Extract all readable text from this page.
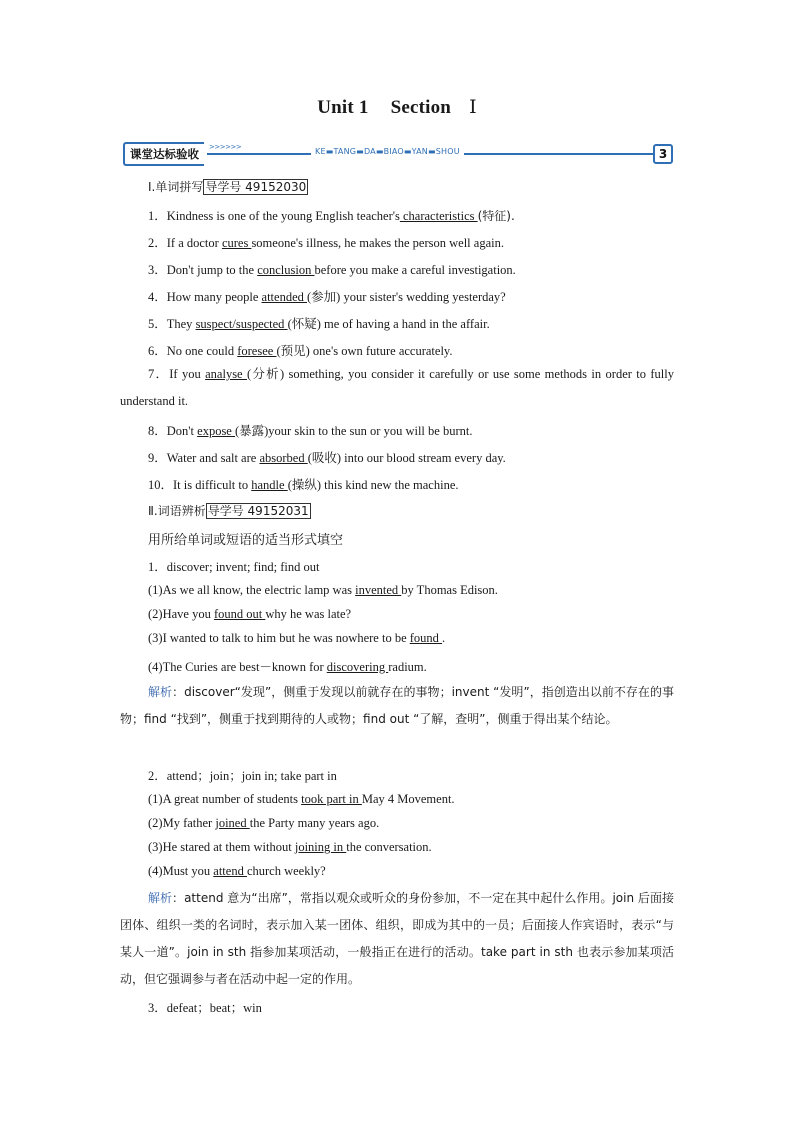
Unit 1 Section Ⅰ
课堂达标验收	>>>>>>	KE▬TANG▬DA▬BIAO▬YAN▬SHOU	3
Ⅰ.单词拼写 导学号 49152030
1．Kindness is one of the young English teacher's characteristics (特征).
2．If a doctor cures someone's illness, he makes the person well again.
3．Don't jump to the conclusion before you make a careful investigation.
4．How many people attended (参加) your sister's wedding yesterday?
5．They suspect/suspected (怀疑) me of having a hand in the affair.
6．No one could foresee (预见) one's own future accurately.
7．If you analyse (分析) something, you consider it carefully or use some methods in order to fully understand it.
8．Don't expose (暴露)your skin to the sun or you will be burnt.
9．Water and salt are absorbed (吸收) into our blood stream every day.
10．It is difficult to handle (操纵) this kind new the machine.
Ⅱ.词语辨析 导学号 49152031
用所给单词或短语的适当形式填空
1．discover; invent; find; find out
(1)As we all know, the electric lamp was invented by Thomas Edison.
(2)Have you found out why he was late?
(3)I wanted to talk to him but he was nowhere to be found .
(4)The Curies are best－known for discovering radium.
解析：discover“发现”，侧重于发现以前就存在的事物；invent “发明”，指创造出以前不存在的事物；find “找到”，侧重于找到期待的人或物；find out “了解，查明”，侧重于得出某个结论。
2．attend；join；join in; take part in
(1)A great number of students took part in May 4 Movement.
(2)My father joined the Party many years ago.
(3)He stared at them without joining in the conversation.
(4)Must you attend church weekly?
解析：attend 意为“出席”，常指以观众或听众的身份参加，不一定在其中起什么作用。join 后面接团体、组织一类的名词时，表示加入某一团体、组织，即成为其中的一员；后面接人作宾语时，表示“与某人一道”。join in sth 指参加某项活动，一般指正在进行的活动。take part in sth 也表示参加某项活动，但它强调参与者在活动中起一定的作用。
3．defeat；beat；win
